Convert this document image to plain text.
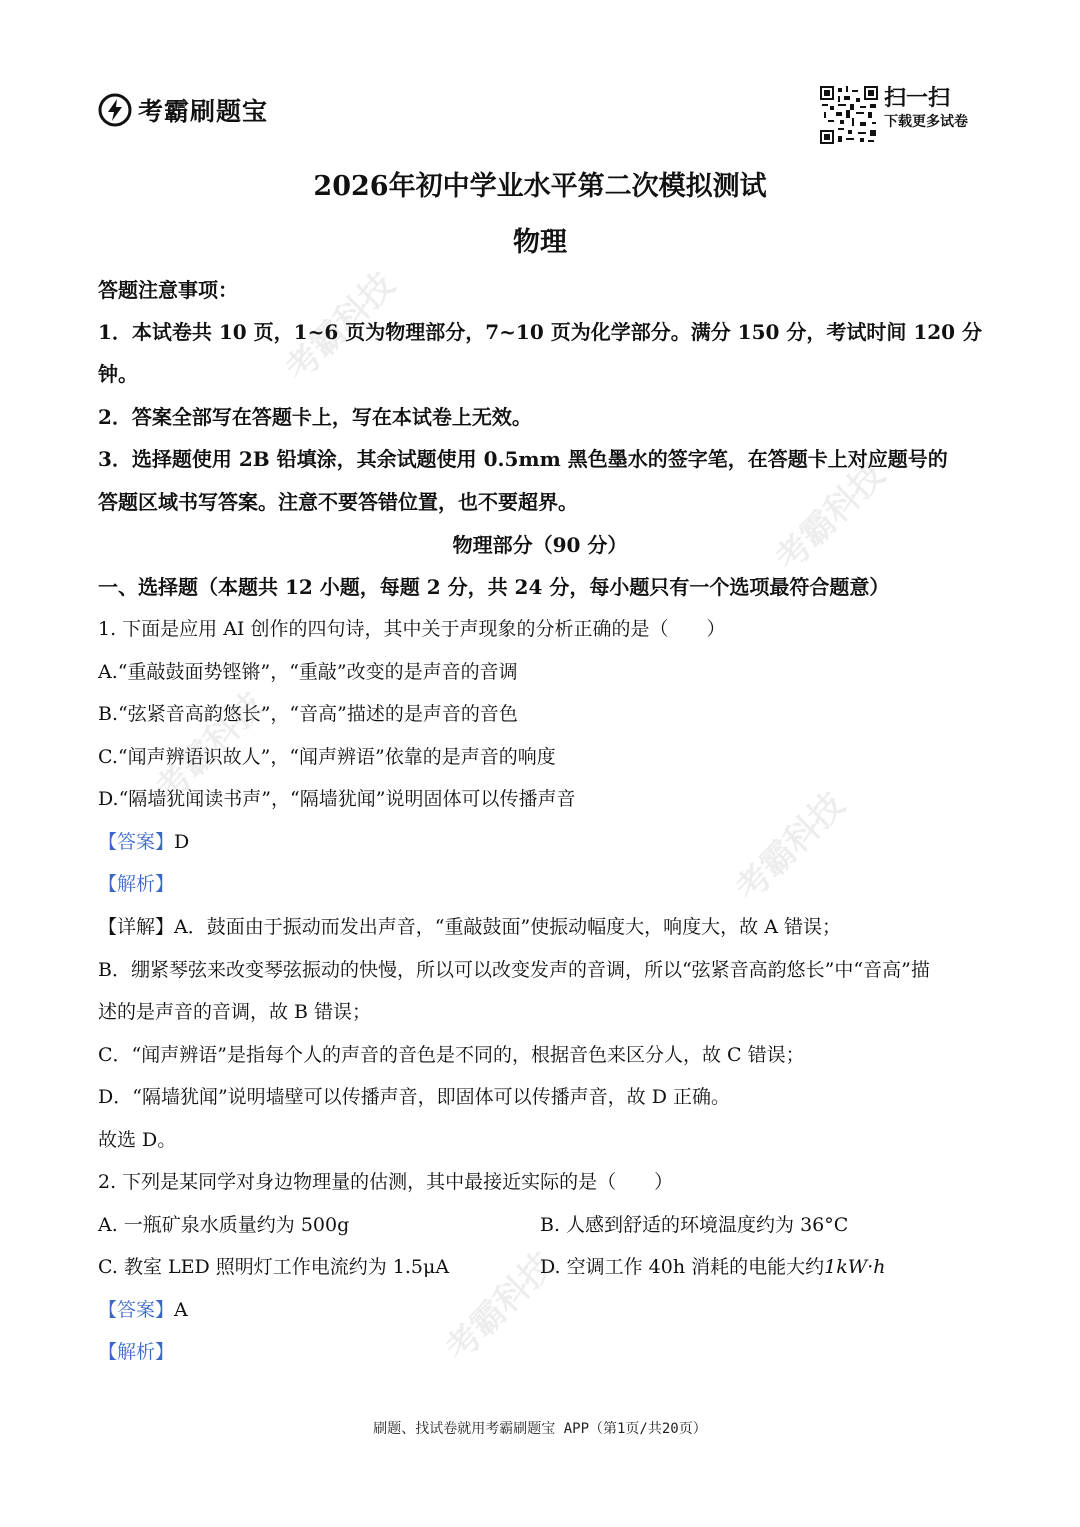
考霸科技
考霸科技
考霸科技
考霸科技
考霸科技
考霸刷题宝	扫一扫
下载更多试卷
2026年初中学业水平第二次模拟测试
物理
答题注意事项：
1．本试卷共 10 页，1~6 页为物理部分，7~10 页为化学部分。满分 150 分，考试时间 120 分
钟。
2．答案全部写在答题卡上，写在本试卷上无效。
3．选择题使用 2B 铅填涂，其余试题使用 0.5mm 黑色墨水的签字笔，在答题卡上对应题号的
答题区域书写答案。注意不要答错位置，也不要超界。
物理部分（90 分）
一、选择题（本题共 12 小题，每题 2 分，共 24 分，每小题只有一个选项最符合题意）
1. 下面是应用 AI 创作的四句诗，其中关于声现象的分析正确的是（　　）
A.“重敲鼓面势铿锵”，“重敲”改变的是声音的音调
B.“弦紧音高韵悠长”，“音高”描述的是声音的音色
C.“闻声辨语识故人”，“闻声辨语”依靠的是声音的响度
D.“隔墙犹闻读书声”，“隔墙犹闻”说明固体可以传播声音
【答案】D
【解析】
【详解】A．鼓面由于振动而发出声音，“重敲鼓面”使振动幅度大，响度大，故 A 错误；
B．绷紧琴弦来改变琴弦振动的快慢，所以可以改变发声的音调，所以“弦紧音高韵悠长”中“音高”描
述的是声音的音调，故 B 错误；
C．“闻声辨语”是指每个人的声音的音色是不同的，根据音色来区分人，故 C 错误；
D．“隔墙犹闻”说明墙壁可以传播声音，即固体可以传播声音，故 D 正确。
故选 D。
2. 下列是某同学对身边物理量的估测，其中最接近实际的是（　　）
A. 一瓶矿泉水质量约为 500g	B. 人感到舒适的环境温度约为 36°C
C. 教室 LED 照明灯工作电流约为 1.5μA	D. 空调工作 40h 消耗的电能大约1kW·h
【答案】A
【解析】
刷题、找试卷就用考霸刷题宝 APP（第1页/共20页）
